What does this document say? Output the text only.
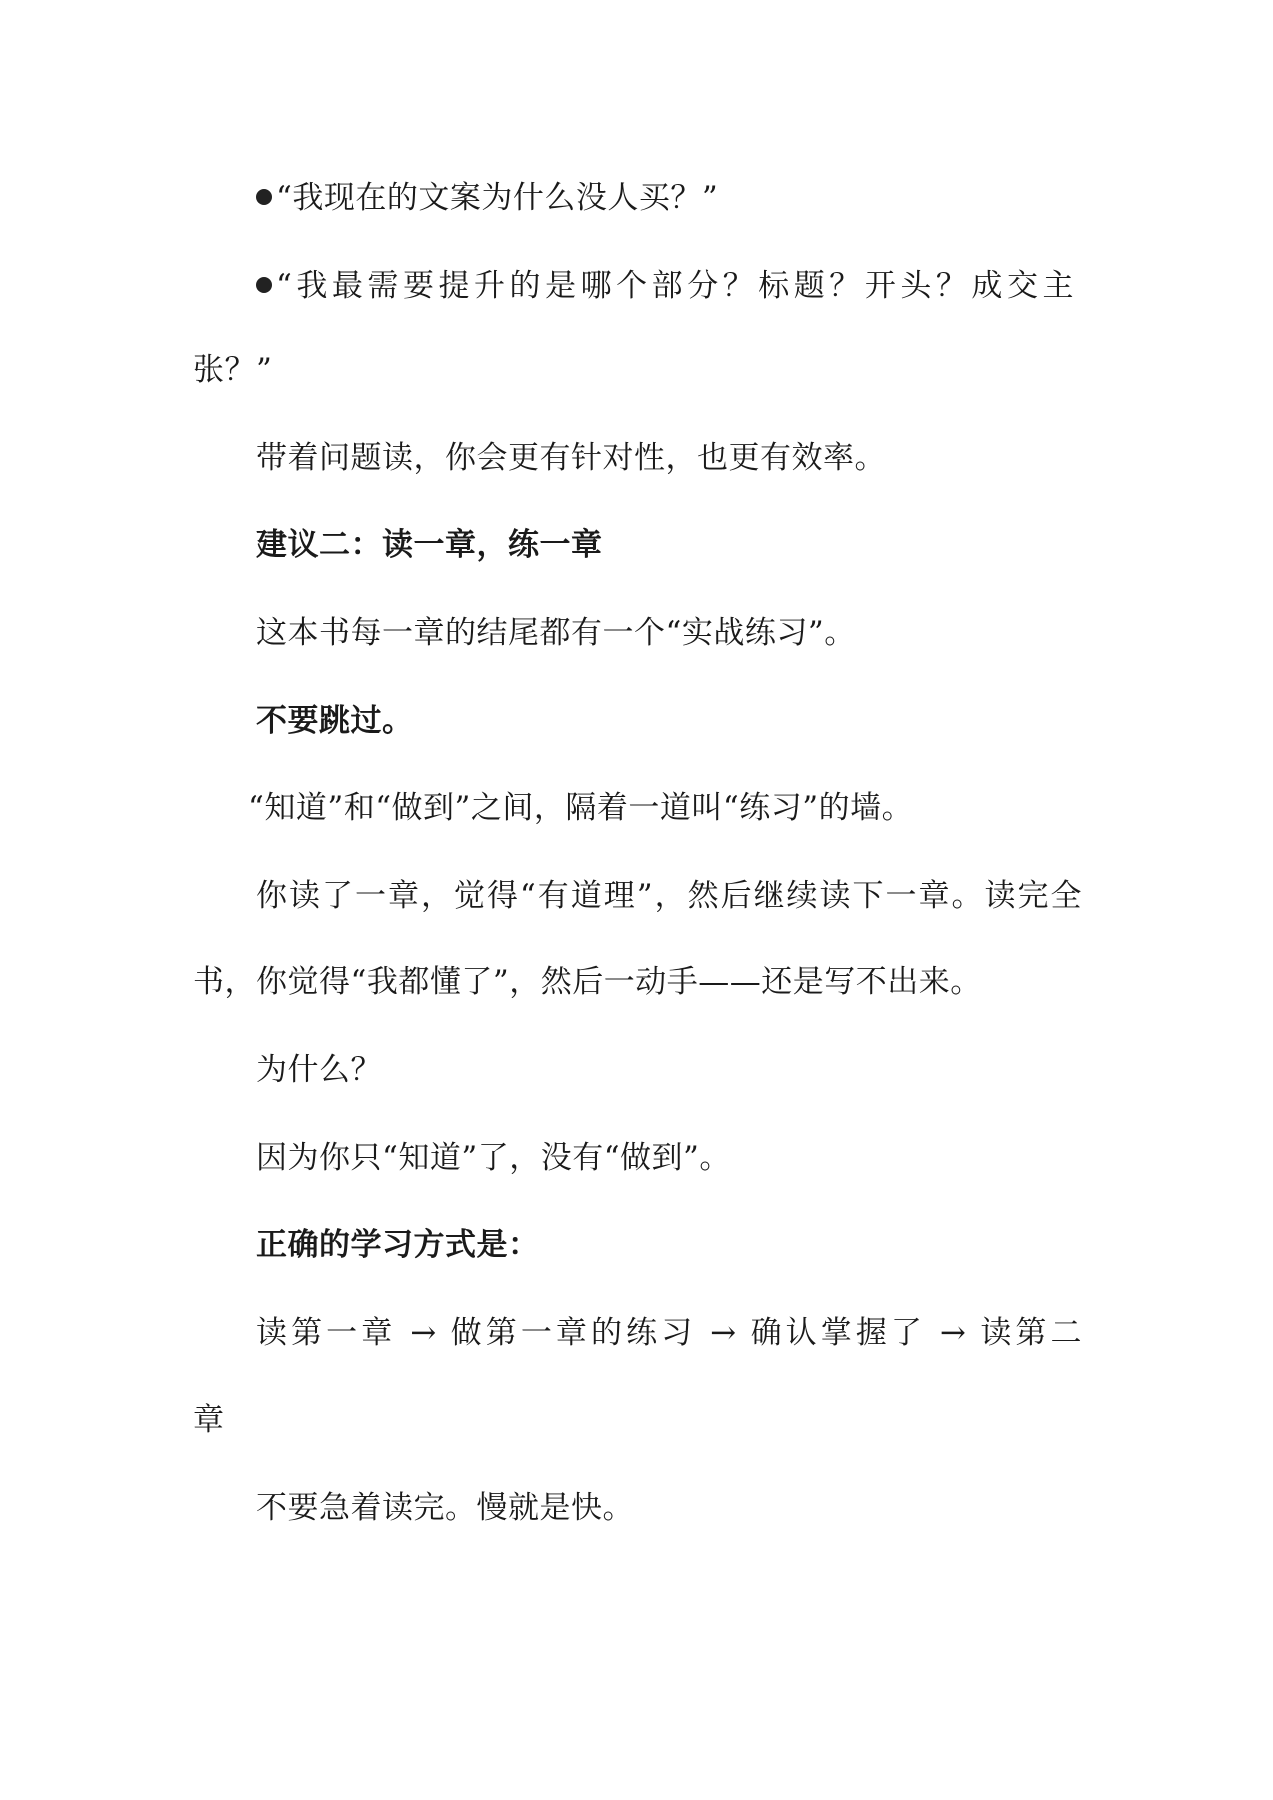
“我现在的文案为什么没人买？”
“我最需要提升的是哪个部分？标题？开头？成交主
张？”
带着问题读，你会更有针对性，也更有效率。
建议二：读一章，练一章
这本书每一章的结尾都有一个“实战练习”。
不要跳过。
“知道”和“做到”之间，隔着一道叫“练习”的墙。
你读了一章，觉得“有道理”，然后继续读下一章。读完全
书，你觉得“我都懂了”，然后一动手——还是写不出来。
为什么？
因为你只“知道”了，没有“做到”。
正确的学习方式是：
读第一章 → 做第一章的练习 → 确认掌握了 → 读第二
章
不要急着读完。慢就是快。
